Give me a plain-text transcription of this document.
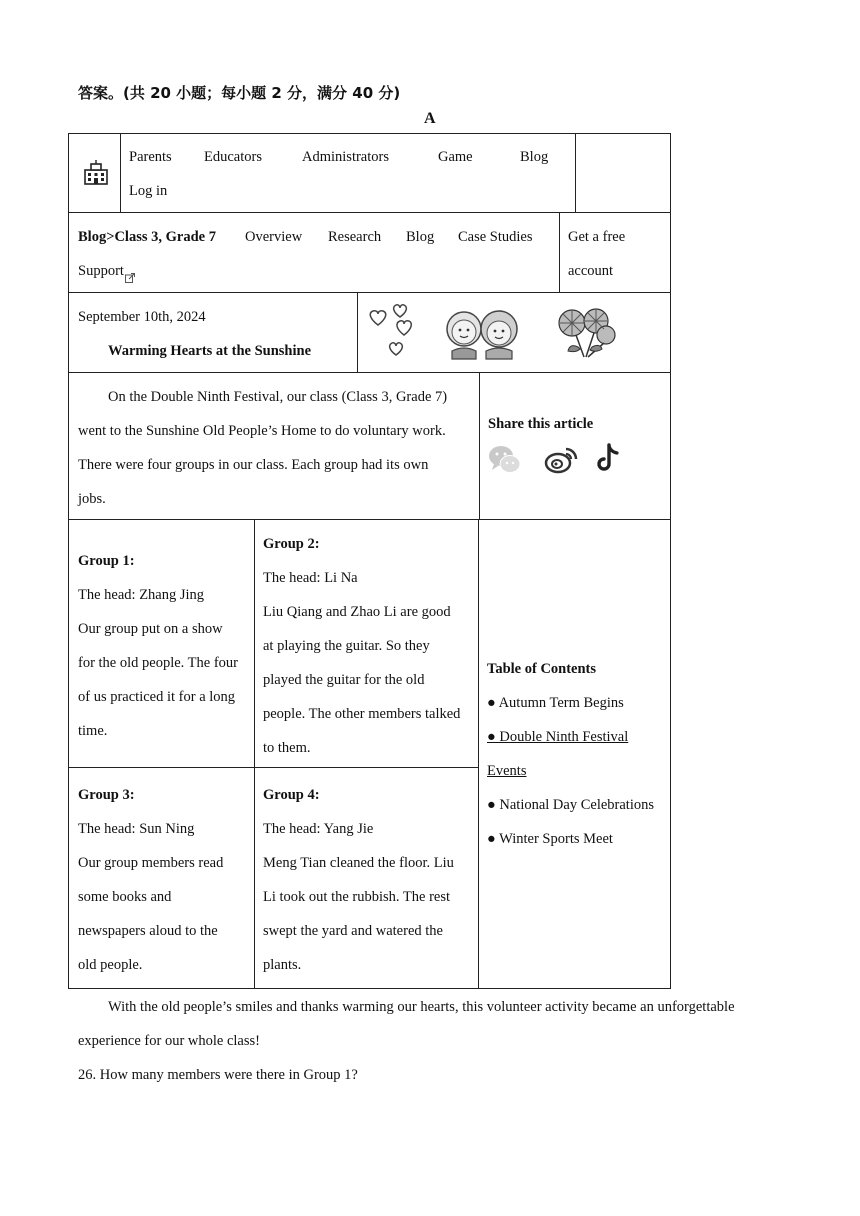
答案。(共 20 小题；每小题 2 分，满分 40 分)
A
Parents Educators	Administrators	Game	Blog
Log in
Blog>Class 3, Grade 7 Overview Research Blog Case Studies
Support
Get a free
account
September 10th, 2024
Warming Hearts at the Sunshine
On the Double Ninth Festival, our class (Class 3, Grade 7)
went to the Sunshine Old People’s Home to do voluntary work.
There were four groups in our class. Each group had its own
jobs.
Share this article
Group 1:
The head: Zhang Jing
Our group put on a show
for the old people. The four
of us practiced it for a long
time.
Group 2:
The head: Li Na
Liu Qiang and Zhao Li are good
at playing the guitar. So they
played the guitar for the old
people. The other members talked
to them.
Group 3:
The head: Sun Ning
Our group members read
some books and
newspapers aloud to the
old people.
Group 4:
The head: Yang Jie
Meng Tian cleaned the floor. Liu
Li took out the rubbish. The rest
swept the yard and watered the
plants.
Table of Contents
● Autumn Term Begins
● Double Ninth Festival
Events
● National Day Celebrations
● Winter Sports Meet
With the old people’s smiles and thanks warming our hearts, this volunteer activity became an unforgettable
experience for our whole class!
26. How many members were there in Group 1?
